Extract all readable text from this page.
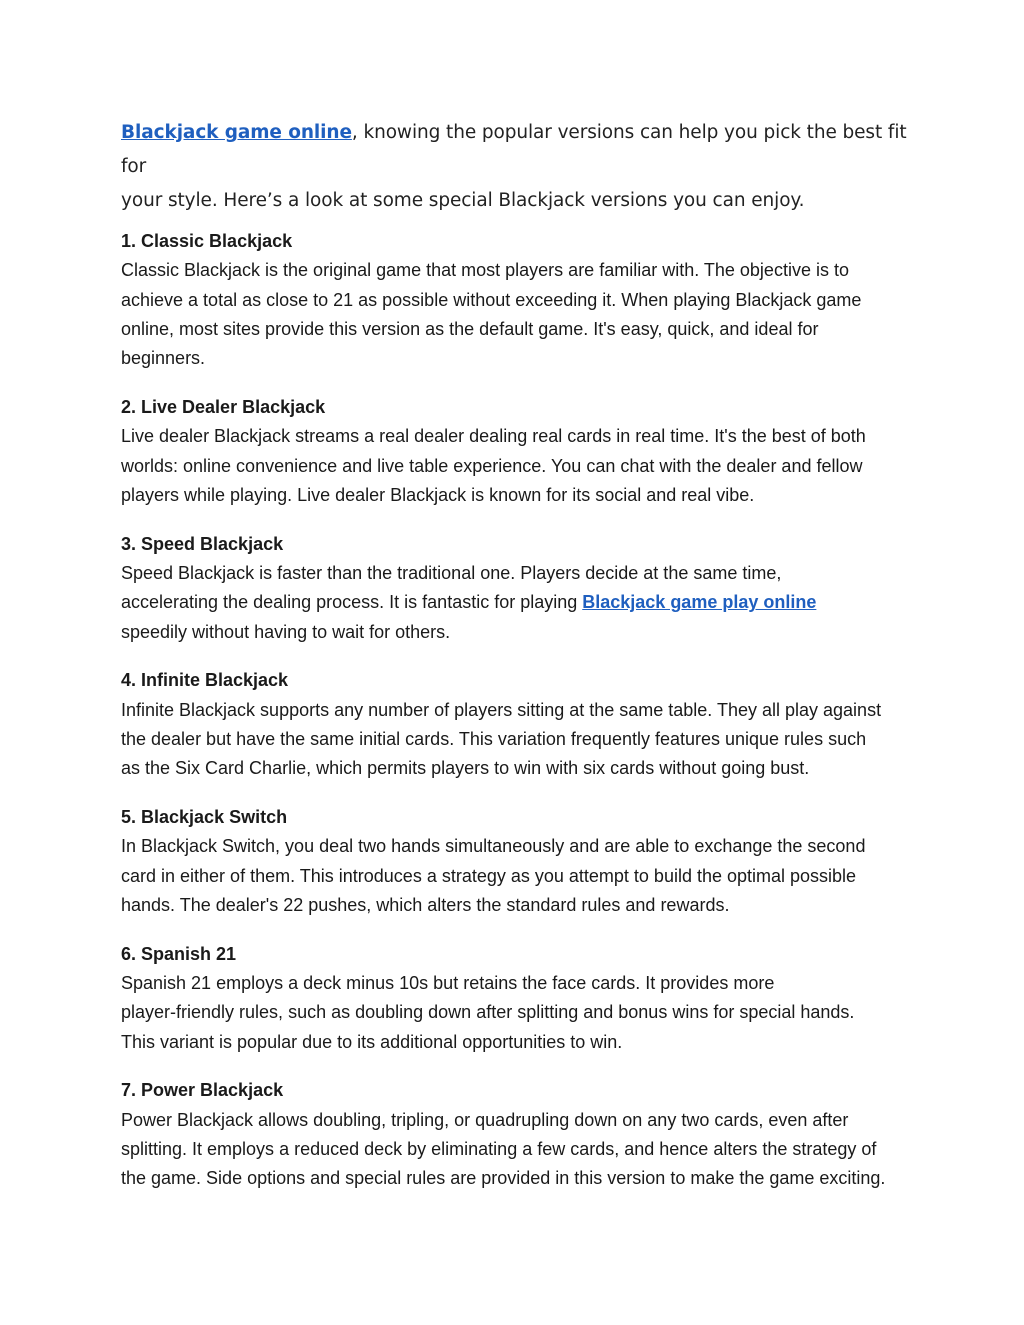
Blackjack game online, knowing the popular versions can help you pick the best fit for
your style. Here’s a look at some special Blackjack versions you can enjoy.
1. Classic Blackjack

Classic Blackjack is the original game that most players are familiar with. The objective is to
achieve a total as close to 21 as possible without exceeding it. When playing Blackjack game
online, most sites provide this version as the default game. It's easy, quick, and ideal for
beginners.

2. Live Dealer Blackjack

Live dealer Blackjack streams a real dealer dealing real cards in real time. It's the best of both
worlds: online convenience and live table experience. You can chat with the dealer and fellow
players while playing. Live dealer Blackjack is known for its social and real vibe.

3. Speed Blackjack

Speed Blackjack is faster than the traditional one. Players decide at the same time,
accelerating the dealing process. It is fantastic for playing Blackjack game play online
speedily without having to wait for others.

4. Infinite Blackjack

Infinite Blackjack supports any number of players sitting at the same table. They all play against
the dealer but have the same initial cards. This variation frequently features unique rules such
as the Six Card Charlie, which permits players to win with six cards without going bust.

5. Blackjack Switch

In Blackjack Switch, you deal two hands simultaneously and are able to exchange the second
card in either of them. This introduces a strategy as you attempt to build the optimal possible
hands. The dealer's 22 pushes, which alters the standard rules and rewards.

6. Spanish 21

Spanish 21 employs a deck minus 10s but retains the face cards. It provides more
player-friendly rules, such as doubling down after splitting and bonus wins for special hands.
This variant is popular due to its additional opportunities to win.

7. Power Blackjack

Power Blackjack allows doubling, tripling, or quadrupling down on any two cards, even after
splitting. It employs a reduced deck by eliminating a few cards, and hence alters the strategy of
the game. Side options and special rules are provided in this version to make the game exciting.
